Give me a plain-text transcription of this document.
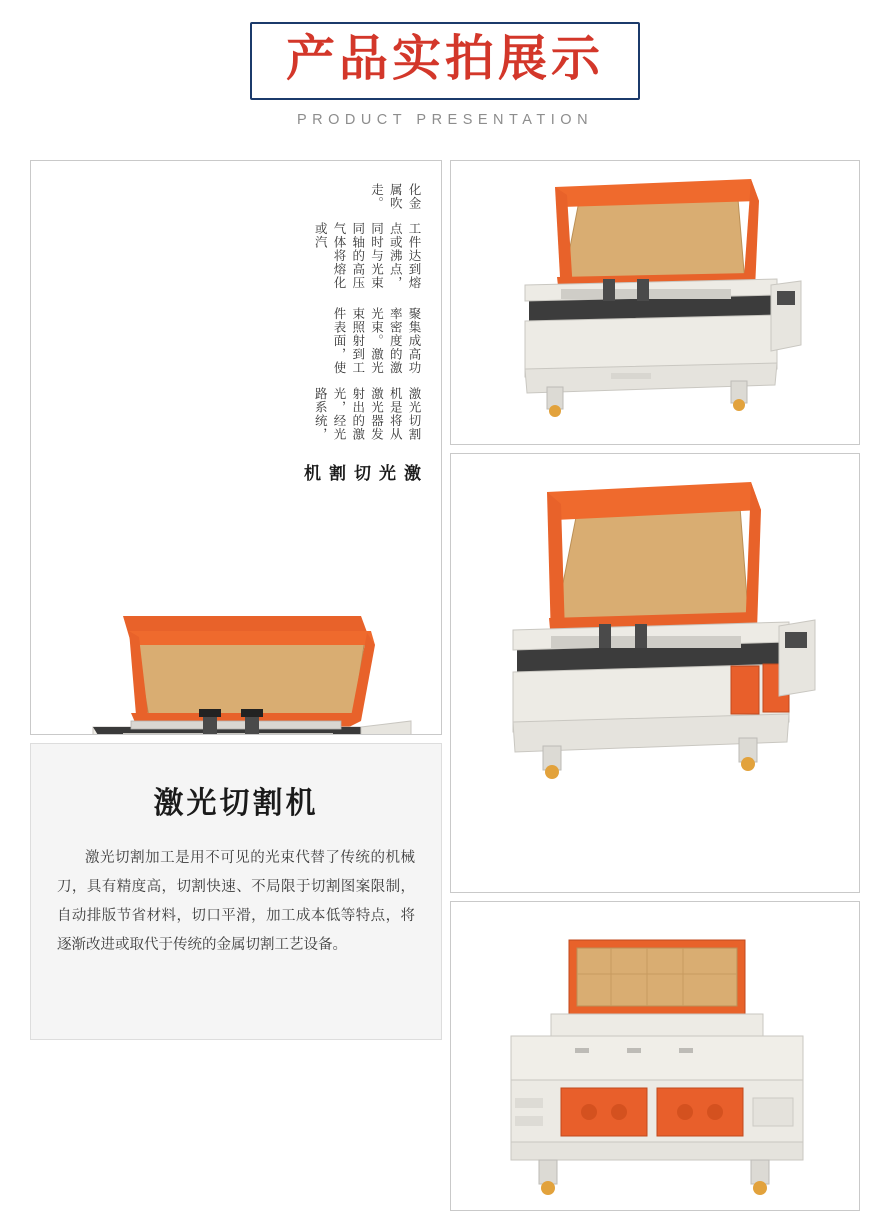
产品实拍展示
PRODUCT PRESENTATION
激光切割机
激光切割机是将从激光器发射出的激光，经光路系统，
聚集成高功率密度的激光束。激光束照射到工件表面，使
工件达到熔点或沸点，同时与光束同轴的高压气体将熔化或汽
化金属吹走。
激光切割机
激光切割加工是用不可见的光束代替了传统的机械刀，具有精度高，切割快速、不局限于切割图案限制，自动排版节省材料，切口平滑，加工成本低等特点，将逐渐改进或取代于传统的金属切割工艺设备。
